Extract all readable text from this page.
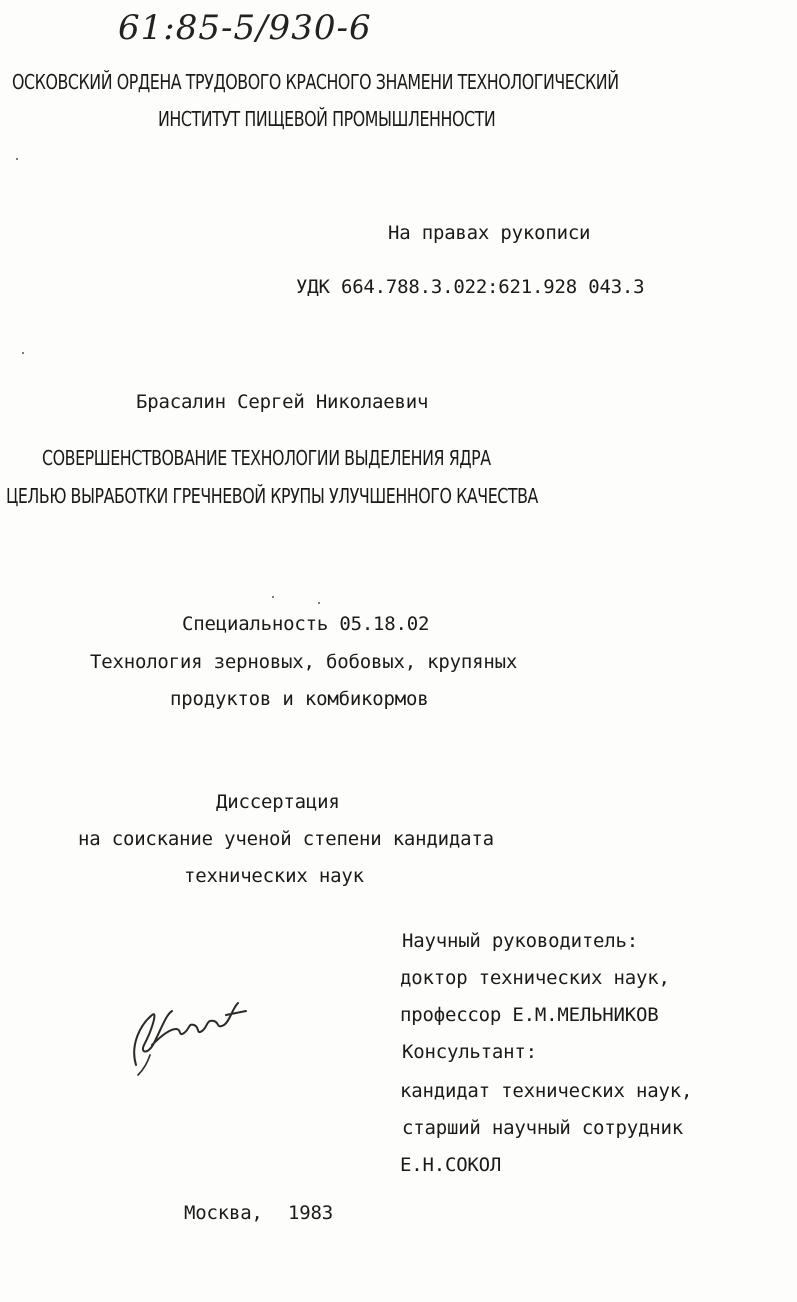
61:85-5/930-6
ОСКОВСКИЙ ОРДЕНА ТРУДОВОГО КРАСНОГО ЗНАМЕНИ ТЕХНОЛОГИЧЕСКИЙ
ИНСТИТУТ ПИЩЕВОЙ ПРОМЫШЛЕННОСТИ
На правах рукописи
УДК 664.788.3.022:621.928 043.3
Брасалин Сергей Николаевич
СОВЕРШЕНСТВОВАНИЕ ТЕХНОЛОГИИ ВЫДЕЛЕНИЯ ЯДРА
ЦЕЛЬЮ ВЫРАБОТКИ ГРЕЧНЕВОЙ КРУПЫ УЛУЧШЕННОГО КАЧЕСТВА
Специальность 05.18.02
Технология зерновых, бобовых, крупяных
продуктов и комбикормов
Диссертация
на соискание ученой степени кандидата
технических наук
Научный руководитель:
доктор технических наук,
профессор Е.М.МЕЛЬНИКОВ
Консультант:
кандидат технических наук,
старший научный сотрудник
Е.Н.СОКОЛ
Москва, 1983
